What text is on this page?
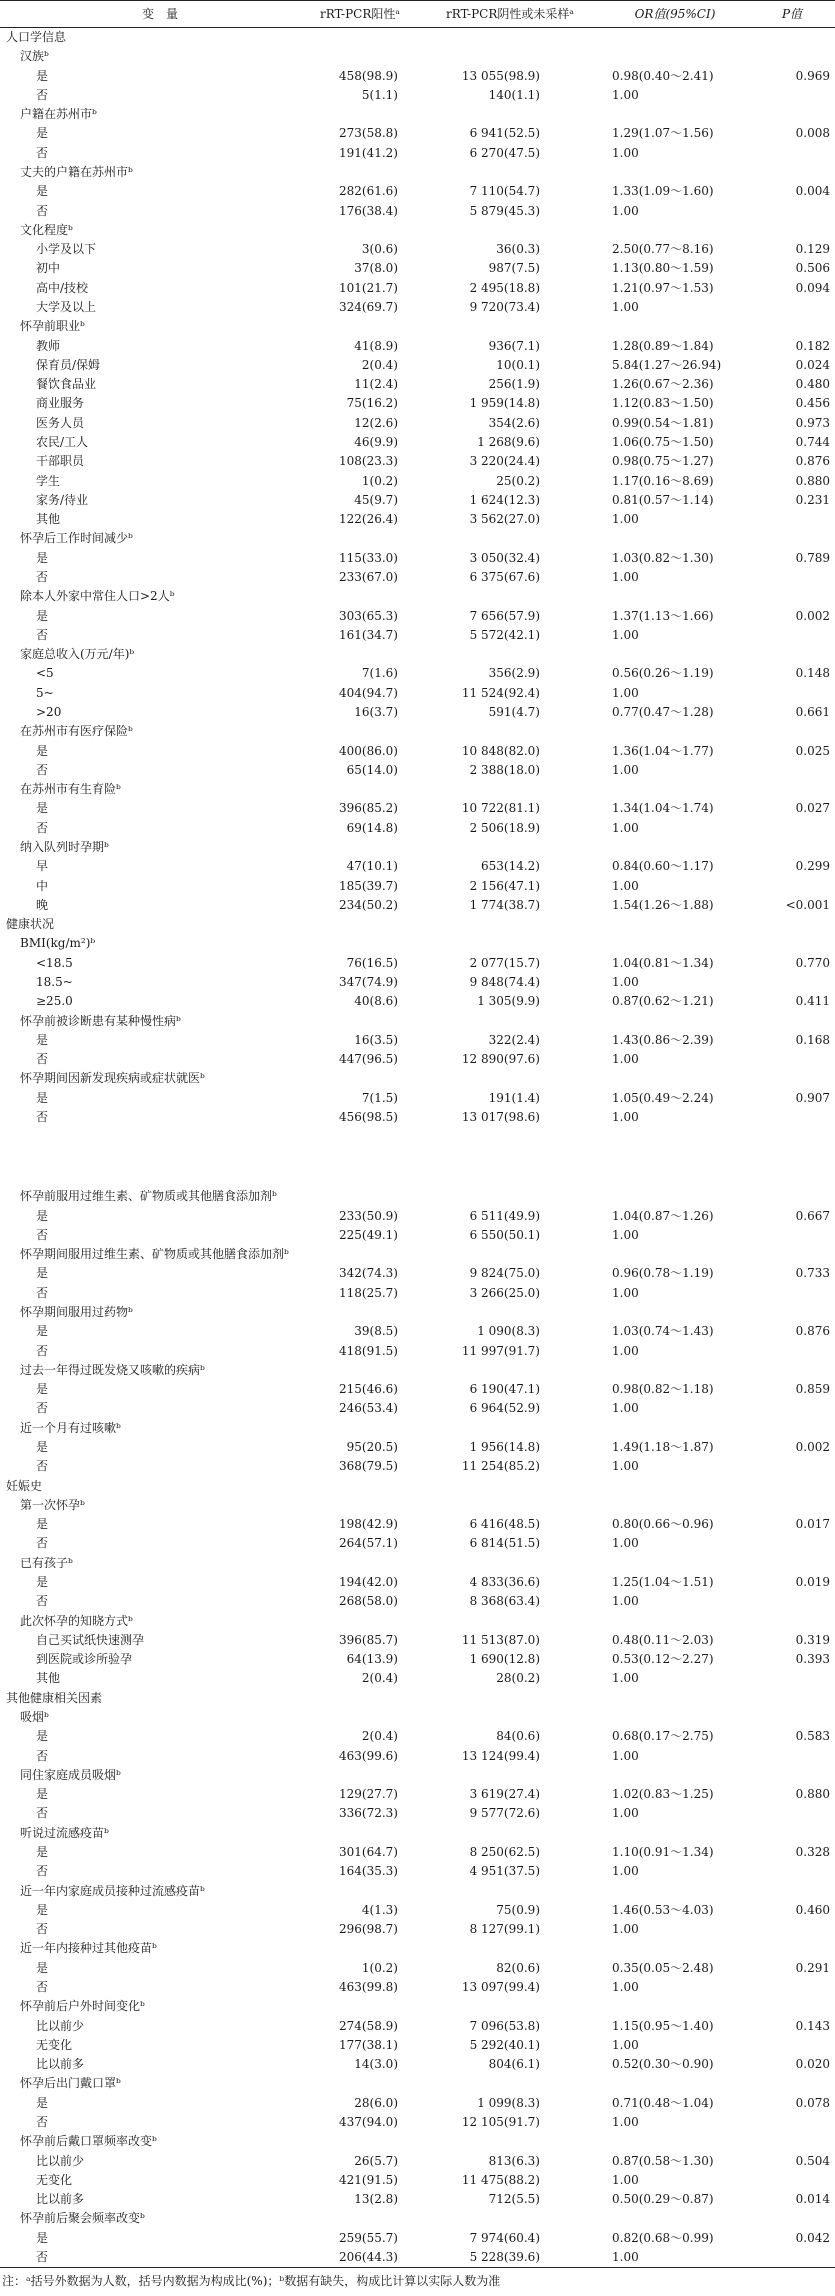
变　量	rRT-PCR阳性ᵃ	rRT-PCR阴性或未采样ᵃ	OR值(95%CI)	P值
人口学信息
汉族ᵇ
是	458(98.9)	13 055(98.9)	0.98(0.40～2.41)	0.969
否	5(1.1)	140(1.1)	1.00
户籍在苏州市ᵇ
是	273(58.8)	6 941(52.5)	1.29(1.07～1.56)	0.008
否	191(41.2)	6 270(47.5)	1.00
丈夫的户籍在苏州市ᵇ
是	282(61.6)	7 110(54.7)	1.33(1.09～1.60)	0.004
否	176(38.4)	5 879(45.3)	1.00
文化程度ᵇ
小学及以下	3(0.6)	36(0.3)	2.50(0.77～8.16)	0.129
初中	37(8.0)	987(7.5)	1.13(0.80～1.59)	0.506
高中/技校	101(21.7)	2 495(18.8)	1.21(0.97～1.53)	0.094
大学及以上	324(69.7)	9 720(73.4)	1.00
怀孕前职业ᵇ
教师	41(8.9)	936(7.1)	1.28(0.89～1.84)	0.182
保育员/保姆	2(0.4)	10(0.1)	5.84(1.27～26.94)	0.024
餐饮食品业	11(2.4)	256(1.9)	1.26(0.67～2.36)	0.480
商业服务	75(16.2)	1 959(14.8)	1.12(0.83～1.50)	0.456
医务人员	12(2.6)	354(2.6)	0.99(0.54～1.81)	0.973
农民/工人	46(9.9)	1 268(9.6)	1.06(0.75～1.50)	0.744
干部职员	108(23.3)	3 220(24.4)	0.98(0.75～1.27)	0.876
学生	1(0.2)	25(0.2)	1.17(0.16～8.69)	0.880
家务/待业	45(9.7)	1 624(12.3)	0.81(0.57～1.14)	0.231
其他	122(26.4)	3 562(27.0)	1.00
怀孕后工作时间减少ᵇ
是	115(33.0)	3 050(32.4)	1.03(0.82～1.30)	0.789
否	233(67.0)	6 375(67.6)	1.00
除本人外家中常住人口>2人ᵇ
是	303(65.3)	7 656(57.9)	1.37(1.13～1.66)	0.002
否	161(34.7)	5 572(42.1)	1.00
家庭总收入(万元/年)ᵇ
<5	7(1.6)	356(2.9)	0.56(0.26～1.19)	0.148
5~	404(94.7)	11 524(92.4)	1.00
>20	16(3.7)	591(4.7)	0.77(0.47～1.28)	0.661
在苏州市有医疗保险ᵇ
是	400(86.0)	10 848(82.0)	1.36(1.04～1.77)	0.025
否	65(14.0)	2 388(18.0)	1.00
在苏州市有生育险ᵇ
是	396(85.2)	10 722(81.1)	1.34(1.04～1.74)	0.027
否	69(14.8)	2 506(18.9)	1.00
纳入队列时孕期ᵇ
早	47(10.1)	653(14.2)	0.84(0.60～1.17)	0.299
中	185(39.7)	2 156(47.1)	1.00
晚	234(50.2)	1 774(38.7)	1.54(1.26～1.88)	<0.001
健康状况
BMI(kg/m²)ᵇ
<18.5	76(16.5)	2 077(15.7)	1.04(0.81～1.34)	0.770
18.5~	347(74.9)	9 848(74.4)	1.00
≥25.0	40(8.6)	1 305(9.9)	0.87(0.62～1.21)	0.411
怀孕前被诊断患有某种慢性病ᵇ
是	16(3.5)	322(2.4)	1.43(0.86～2.39)	0.168
否	447(96.5)	12 890(97.6)	1.00
怀孕期间因新发现疾病或症状就医ᵇ
是	7(1.5)	191(1.4)	1.05(0.49～2.24)	0.907
否	456(98.5)	13 017(98.6)	1.00
怀孕前服用过维生素、矿物质或其他膳食添加剂ᵇ
是	233(50.9)	6 511(49.9)	1.04(0.87～1.26)	0.667
否	225(49.1)	6 550(50.1)	1.00
怀孕期间服用过维生素、矿物质或其他膳食添加剂ᵇ
是	342(74.3)	9 824(75.0)	0.96(0.78～1.19)	0.733
否	118(25.7)	3 266(25.0)	1.00
怀孕期间服用过药物ᵇ
是	39(8.5)	1 090(8.3)	1.03(0.74～1.43)	0.876
否	418(91.5)	11 997(91.7)	1.00
过去一年得过既发烧又咳嗽的疾病ᵇ
是	215(46.6)	6 190(47.1)	0.98(0.82～1.18)	0.859
否	246(53.4)	6 964(52.9)	1.00
近一个月有过咳嗽ᵇ
是	95(20.5)	1 956(14.8)	1.49(1.18～1.87)	0.002
否	368(79.5)	11 254(85.2)	1.00
妊娠史
第一次怀孕ᵇ
是	198(42.9)	6 416(48.5)	0.80(0.66～0.96)	0.017
否	264(57.1)	6 814(51.5)	1.00
已有孩子ᵇ
是	194(42.0)	4 833(36.6)	1.25(1.04～1.51)	0.019
否	268(58.0)	8 368(63.4)	1.00
此次怀孕的知晓方式ᵇ
自己买试纸快速测孕	396(85.7)	11 513(87.0)	0.48(0.11～2.03)	0.319
到医院或诊所验孕	64(13.9)	1 690(12.8)	0.53(0.12～2.27)	0.393
其他	2(0.4)	28(0.2)	1.00
其他健康相关因素
吸烟ᵇ
是	2(0.4)	84(0.6)	0.68(0.17～2.75)	0.583
否	463(99.6)	13 124(99.4)	1.00
同住家庭成员吸烟ᵇ
是	129(27.7)	3 619(27.4)	1.02(0.83～1.25)	0.880
否	336(72.3)	9 577(72.6)	1.00
听说过流感疫苗ᵇ
是	301(64.7)	8 250(62.5)	1.10(0.91～1.34)	0.328
否	164(35.3)	4 951(37.5)	1.00
近一年内家庭成员接种过流感疫苗ᵇ
是	4(1.3)	75(0.9)	1.46(0.53～4.03)	0.460
否	296(98.7)	8 127(99.1)	1.00
近一年内接种过其他疫苗ᵇ
是	1(0.2)	82(0.6)	0.35(0.05～2.48)	0.291
否	463(99.8)	13 097(99.4)	1.00
怀孕前后户外时间变化ᵇ
比以前少	274(58.9)	7 096(53.8)	1.15(0.95～1.40)	0.143
无变化	177(38.1)	5 292(40.1)	1.00
比以前多	14(3.0)	804(6.1)	0.52(0.30～0.90)	0.020
怀孕后出门戴口罩ᵇ
是	28(6.0)	1 099(8.3)	0.71(0.48～1.04)	0.078
否	437(94.0)	12 105(91.7)	1.00
怀孕前后戴口罩频率改变ᵇ
比以前少	26(5.7)	813(6.3)	0.87(0.58～1.30)	0.504
无变化	421(91.5)	11 475(88.2)	1.00
比以前多	13(2.8)	712(5.5)	0.50(0.29～0.87)	0.014
怀孕前后聚会频率改变ᵇ
是	259(55.7)	7 974(60.4)	0.82(0.68～0.99)	0.042
否	206(44.3)	5 228(39.6)	1.00
注：ᵃ括号外数据为人数，括号内数据为构成比(%)；ᵇ数据有缺失，构成比计算以实际人数为准
